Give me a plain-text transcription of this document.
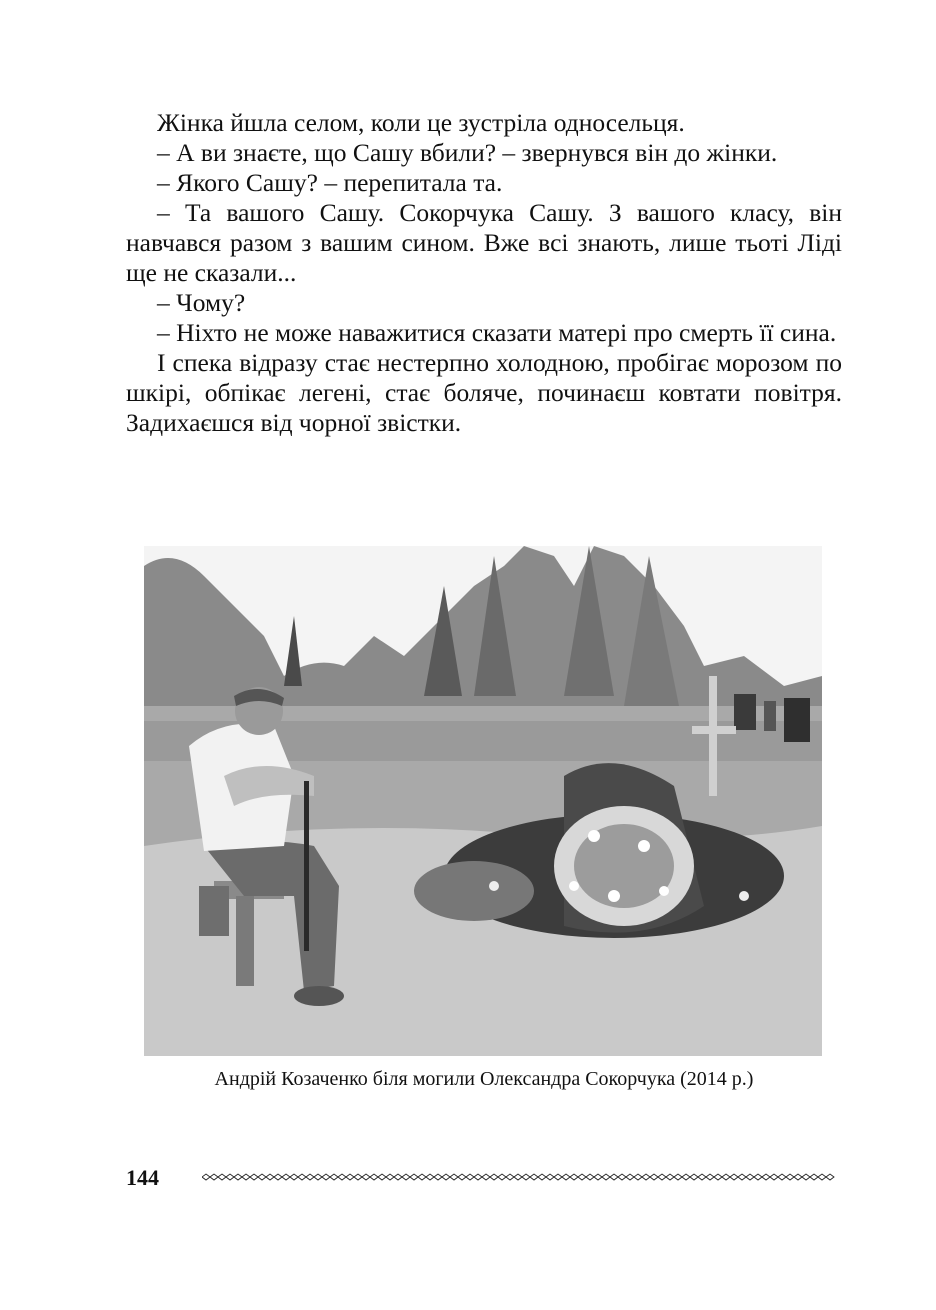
Жінка йшла селом, коли це зустріла односельця.

– А ви знаєте, що Сашу вбили? – звернувся він до жінки.

– Якого Сашу? – перепитала та.

– Та вашого Сашу. Сокорчука Сашу. З вашого класу, він навчався разом з вашим сином. Вже всі знають, лише тьоті Ліді ще не сказали...

– Чому?

– Ніхто не може наважитися сказати матері про смерть її сина.

І спека відразу стає нестерпно холодною, пробігає морозом по шкірі, обпікає легені, стає боляче, починаєш ковтати повітря. Задихаєшся від чорної звістки.

Андрій Козаченко біля могили Олександра Сокорчука (2014 р.)
144
